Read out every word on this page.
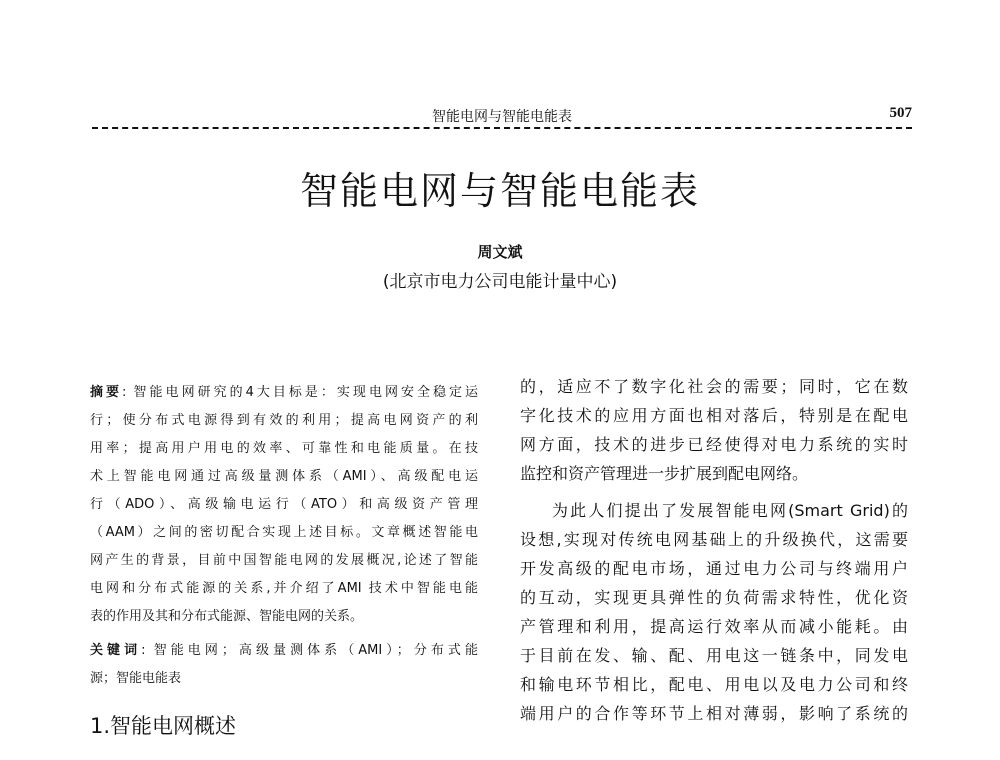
智能电网与智能电能表	507
智能电网与智能电能表
周文斌
(北京市电力公司电能计量中心)
摘要: 智能电网研究的4大目标是：实现电网安全稳定运
行；使分布式电源得到有效的利用；提高电网资产的利
用率；提高用户用电的效率、可靠性和电能质量。在技
术上智能电网通过高级量测体系（AMI）、高级配电运
行（ADO）、高级输电运行（ATO）和高级资产管理
（AAM）之间的密切配合实现上述目标。文章概述智能电
网产生的背景，目前中国智能电网的发展概况,论述了智能
电网和分布式能源的关系,并介绍了AMI 技术中智能电能
表的作用及其和分布式能源、智能电网的关系。
关键词: 智能电网；高级量测体系（AMI）；分布式能
源；智能电能表
1.智能电网概述
的，适应不了数字化社会的需要；同时，它在数
字化技术的应用方面也相对落后，特别是在配电
网方面，技术的进步已经使得对电力系统的实时
监控和资产管理进一步扩展到配电网络。
为此人们提出了发展智能电网(Smart Grid)的
设想,实现对传统电网基础上的升级换代，这需要
开发高级的配电市场，通过电力公司与终端用户
的互动，实现更具弹性的负荷需求特性，优化资
产管理和利用，提高运行效率从而减小能耗。由
于目前在发、输、配、用电这一链条中，同发电
和输电环节相比，配电、用电以及电力公司和终
端用户的合作等环节上相对薄弱，影响了系统的
